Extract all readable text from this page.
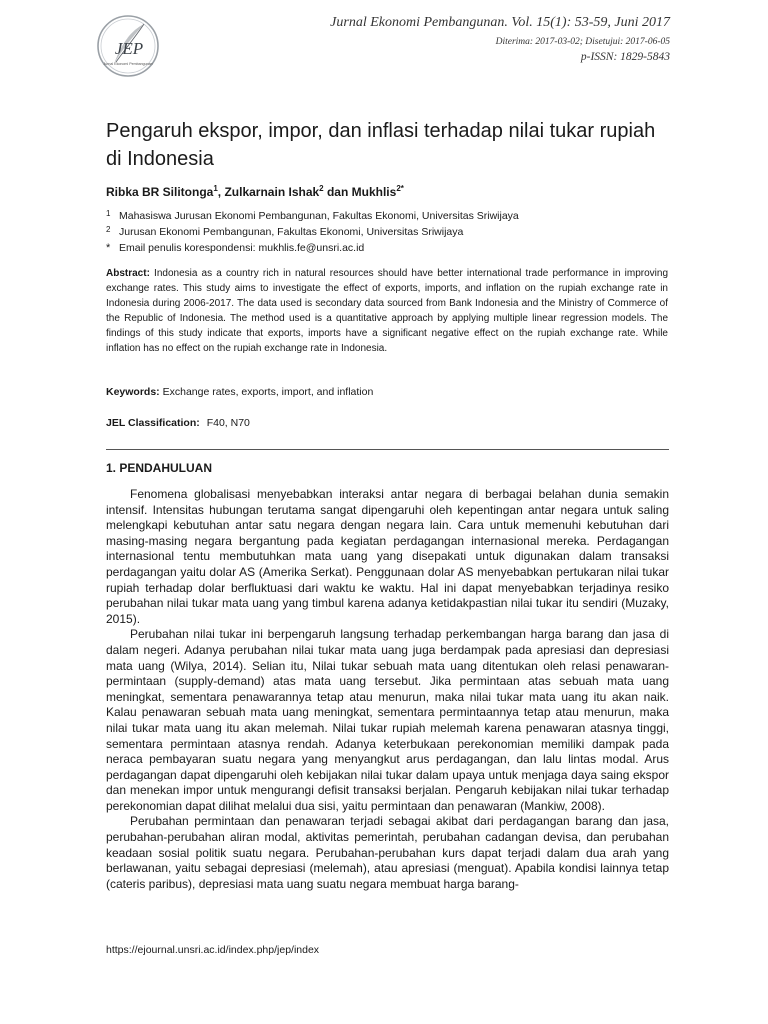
JEP
Jurnal Ekonomi Pembangunan
Jurnal Ekonomi Pembangunan. Vol. 15(1): 53-59, Juni 2017
Diterima: 2017-03-02; Disetujui: 2017-06-05
p-ISSN: 1829-5843
Pengaruh ekspor, impor, dan inflasi terhadap nilai tukar rupiah di Indonesia
Ribka BR Silitonga$^1$, Zulkarnain Ishak$^2$ dan Mukhlis$^{2*}$
1 Mahasiswa Jurusan Ekonomi Pembangunan, Fakultas Ekonomi, Universitas Sriwijaya
2 Jurusan Ekonomi Pembangunan, Fakultas Ekonomi, Universitas Sriwijaya
* Email penulis korespondensi: mukhlis.fe@unsri.ac.id
Abstract: Indonesia as a country rich in natural resources should have better international trade performance in improving exchange rates. This study aims to investigate the effect of exports, imports, and inflation on the rupiah exchange rate in Indonesia during 2006-2017. The data used is secondary data sourced from Bank Indonesia and the Ministry of Commerce of the Republic of Indonesia. The method used is a quantitative approach by applying multiple linear regression models. The findings of this study indicate that exports, imports have a significant negative effect on the rupiah exchange rate. While inflation has no effect on the rupiah exchange rate in Indonesia.
Keywords: Exchange rates, exports, import, and inflation
JEL Classification: F40, N70
1. PENDAHULUAN

Fenomena globalisasi menyebabkan interaksi antar negara di berbagai belahan dunia semakin intensif. Intensitas hubungan terutama sangat dipengaruhi oleh kepentingan antar negara untuk saling melengkapi kebutuhan antar satu negara dengan negara lain. Cara untuk memenuhi kebutuhan dari masing-masing negara bergantung pada kegiatan perdagangan internasional mereka. Perdagangan internasional tentu membutuhkan mata uang yang disepakati untuk digunakan dalam transaksi perdagangan yaitu dolar AS (Amerika Serkat). Penggunaan dolar AS menyebabkan pertukaran nilai tukar rupiah terhadap dolar berfluktuasi dari waktu ke waktu. Hal ini dapat menyebabkan terjadinya resiko perubahan nilai tukar mata uang yang timbul karena adanya ketidakpastian nilai tukar itu sendiri (Muzaky, 2015).

Perubahan nilai tukar ini berpengaruh langsung terhadap perkembangan harga barang dan jasa di dalam negeri. Adanya perubahan nilai tukar mata uang juga berdampak pada apresiasi dan depresiasi mata uang (Wilya, 2014). Selian itu, Nilai tukar sebuah mata uang ditentukan oleh relasi penawaran-permintaan (supply-demand) atas mata uang tersebut. Jika permintaan atas sebuah mata uang meningkat, sementara penawarannya tetap atau menurun, maka nilai tukar mata uang itu akan naik. Kalau penawaran sebuah mata uang meningkat, sementara permintaannya tetap atau menurun, maka nilai tukar mata uang itu akan melemah. Nilai tukar rupiah melemah karena penawaran atasnya tinggi, sementara permintaan atasnya rendah. Adanya keterbukaan perekonomian memiliki dampak pada neraca pembayaran suatu negara yang menyangkut arus perdagangan, dan lalu lintas modal. Arus perdagangan dapat dipengaruhi oleh kebijakan nilai tukar dalam upaya untuk menjaga daya saing ekspor dan menekan impor untuk mengurangi defisit transaksi berjalan. Pengaruh kebijakan nilai tukar terhadap perekonomian dapat dilihat melalui dua sisi, yaitu permintaan dan penawaran (Mankiw, 2008).

Perubahan permintaan dan penawaran terjadi sebagai akibat dari perdagangan barang dan jasa, perubahan-perubahan aliran modal, aktivitas pemerintah, perubahan cadangan devisa, dan perubahan keadaan sosial politik suatu negara. Perubahan-perubahan kurs dapat terjadi dalam dua arah yang berlawanan, yaitu sebagai depresiasi (melemah), atau apresiasi (menguat). Apabila kondisi lainnya tetap (cateris paribus), depresiasi mata uang suatu negara membuat harga barang-

https://ejournal.unsri.ac.id/index.php/jep/index
